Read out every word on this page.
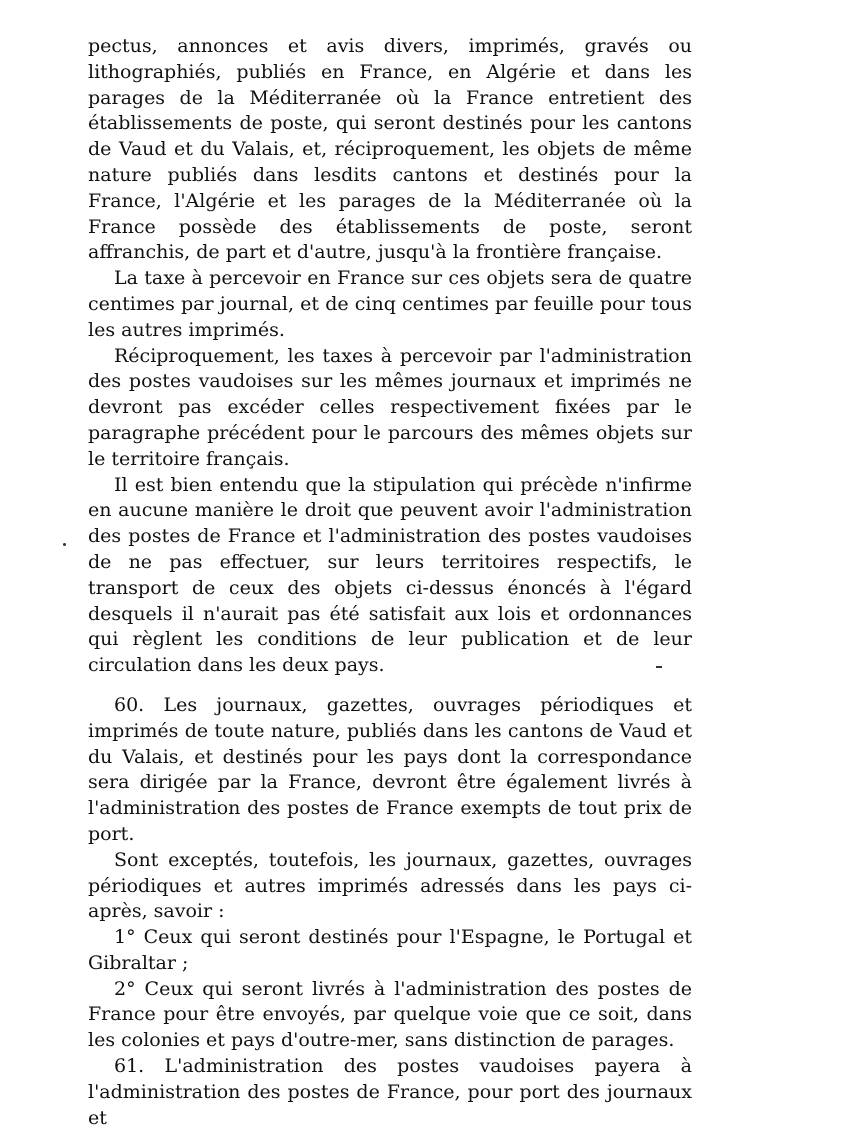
pectus, annonces et avis divers, imprimés, gravés ou lithographiés, publiés en France, en Algérie et dans les parages de la Méditerranée où la France entretient des établissements de poste, qui seront destinés pour les cantons de Vaud et du Valais, et, réciproquement, les objets de même nature publiés dans lesdits cantons et destinés pour la France, l'Algérie et les parages de la Méditerranée où la France possède des établissements de poste, seront affranchis, de part et d'autre, jusqu'à la frontière française.

La taxe à percevoir en France sur ces objets sera de quatre centimes par journal, et de cinq centimes par feuille pour tous les autres imprimés.

Réciproquement, les taxes à percevoir par l'administration des postes vaudoises sur les mêmes journaux et imprimés ne devront pas excéder celles respectivement fixées par le paragraphe précédent pour le parcours des mêmes objets sur le territoire français.

Il est bien entendu que la stipulation qui précède n'infirme en aucune manière le droit que peuvent avoir l'administration des postes de France et l'administration des postes vaudoises de ne pas effectuer, sur leurs territoires respectifs, le transport de ceux des objets ci-dessus énoncés à l'égard desquels il n'aurait pas été satisfait aux lois et ordonnances qui règlent les conditions de leur publication et de leur circulation dans les deux pays.

60. Les journaux, gazettes, ouvrages périodiques et imprimés de toute nature, publiés dans les cantons de Vaud et du Valais, et destinés pour les pays dont la correspondance sera dirigée par la France, devront être également livrés à l'administration des postes de France exempts de tout prix de port.

Sont exceptés, toutefois, les journaux, gazettes, ouvrages périodiques et autres imprimés adressés dans les pays ci-après, savoir :

1° Ceux qui seront destinés pour l'Espagne, le Portugal et Gibraltar ;

2° Ceux qui seront livrés à l'administration des postes de France pour être envoyés, par quelque voie que ce soit, dans les colonies et pays d'outre-mer, sans distinction de parages.

61. L'administration des postes vaudoises payera à l'administration des postes de France, pour port des journaux et
